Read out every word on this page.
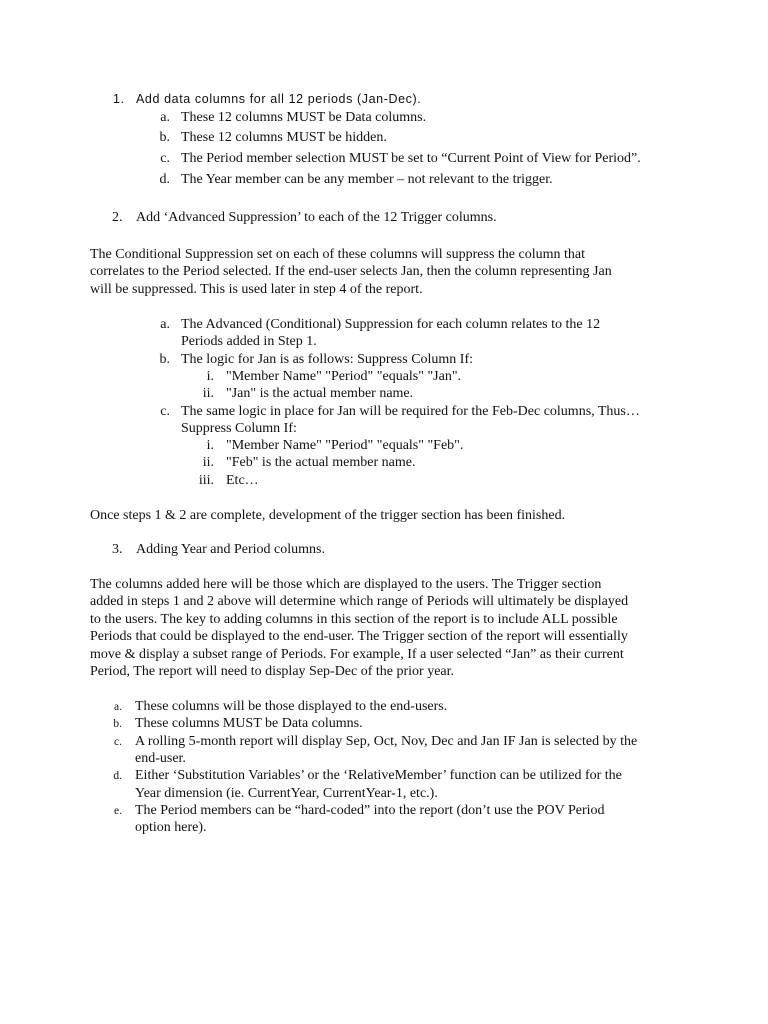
1. Add data columns for all 12 periods (Jan-Dec).
a. These 12 columns MUST be Data columns.
b. These 12 columns MUST be hidden.
c. The Period member selection MUST be set to “Current Point of View for Period”.
d. The Year member can be any member – not relevant to the trigger.
2. Add ‘Advanced Suppression’ to each of the 12 Trigger columns.
The Conditional Suppression set on each of these columns will suppress the column that
correlates to the Period selected. If the end-user selects Jan, then the column representing Jan
will be suppressed. This is used later in step 4 of the report.
a. The Advanced (Conditional) Suppression for each column relates to the 12
Periods added in Step 1.
b. The logic for Jan is as follows: Suppress Column If:
i. "Member Name" "Period" "equals" "Jan".
ii. "Jan" is the actual member name.
c. The same logic in place for Jan will be required for the Feb-Dec columns, Thus…
Suppress Column If:
i. "Member Name" "Period" "equals" "Feb".
ii. "Feb" is the actual member name.
iii. Etc…
Once steps 1 & 2 are complete, development of the trigger section has been finished.
3. Adding Year and Period columns.
The columns added here will be those which are displayed to the users. The Trigger section
added in steps 1 and 2 above will determine which range of Periods will ultimately be displayed
to the users. The key to adding columns in this section of the report is to include ALL possible
Periods that could be displayed to the end-user. The Trigger section of the report will essentially
move & display a subset range of Periods. For example, If a user selected “Jan” as their current
Period, The report will need to display Sep-Dec of the prior year.
a. These columns will be those displayed to the end-users.
b. These columns MUST be Data columns.
c. A rolling 5-month report will display Sep, Oct, Nov, Dec and Jan IF Jan is selected by the
end-user.
d. Either ‘Substitution Variables’ or the ‘RelativeMember’ function can be utilized for the
Year dimension (ie. CurrentYear, CurrentYear-1, etc.).
e. The Period members can be “hard-coded” into the report (don’t use the POV Period
option here).
